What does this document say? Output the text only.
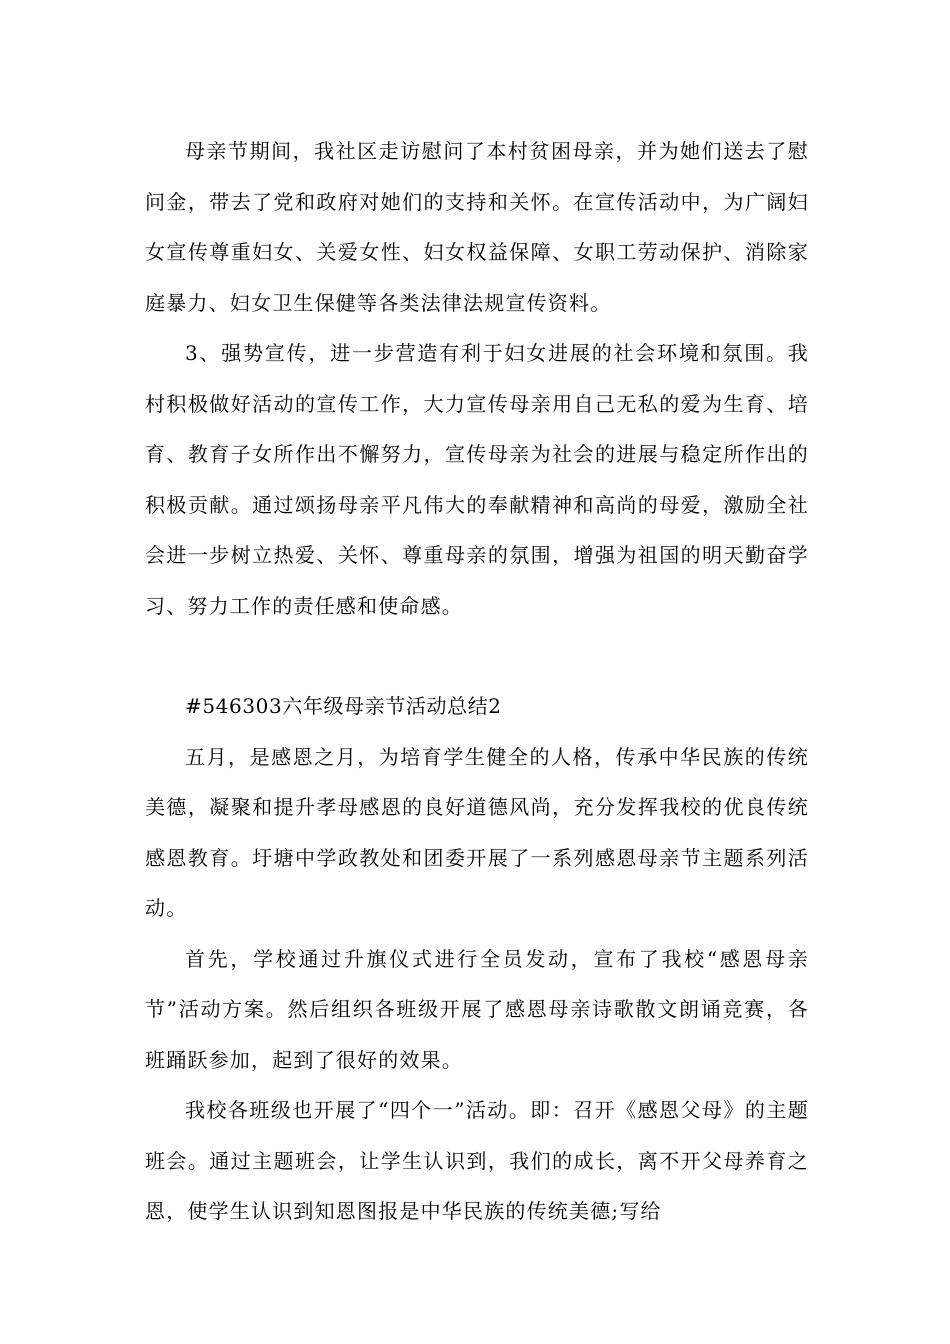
母亲节期间，我社区走访慰问了本村贫困母亲，并为她们送去了慰问金，带去了党和政府对她们的支持和关怀。在宣传活动中，为广阔妇女宣传尊重妇女、关爱女性、妇女权益保障、女职工劳动保护、消除家庭暴力、妇女卫生保健等各类法律法规宣传资料。

3、强势宣传，进一步营造有利于妇女进展的社会环境和氛围。我村积极做好活动的宣传工作，大力宣传母亲用自己无私的爱为生育、培育、教育子女所作出不懈努力，宣传母亲为社会的进展与稳定所作出的积极贡献。通过颂扬母亲平凡伟大的奉献精神和高尚的母爱，激励全社会进一步树立热爱、关怀、尊重母亲的氛围，增强为祖国的明天勤奋学习、努力工作的责任感和使命感。

#546303六年级母亲节活动总结2

五月，是感恩之月，为培育学生健全的人格，传承中华民族的传统美德，凝聚和提升孝母感恩的良好道德风尚，充分发挥我校的优良传统感恩教育。圩塘中学政教处和团委开展了一系列感恩母亲节主题系列活动。

首先，学校通过升旗仪式进行全员发动，宣布了我校“感恩母亲节”活动方案。然后组织各班级开展了感恩母亲诗歌散文朗诵竞赛，各班踊跃参加，起到了很好的效果。

我校各班级也开展了“四个一”活动。即：召开《感恩父母》的主题班会。通过主题班会，让学生认识到，我们的成长，离不开父母养育之恩，使学生认识到知恩图报是中华民族的传统美德;写给
